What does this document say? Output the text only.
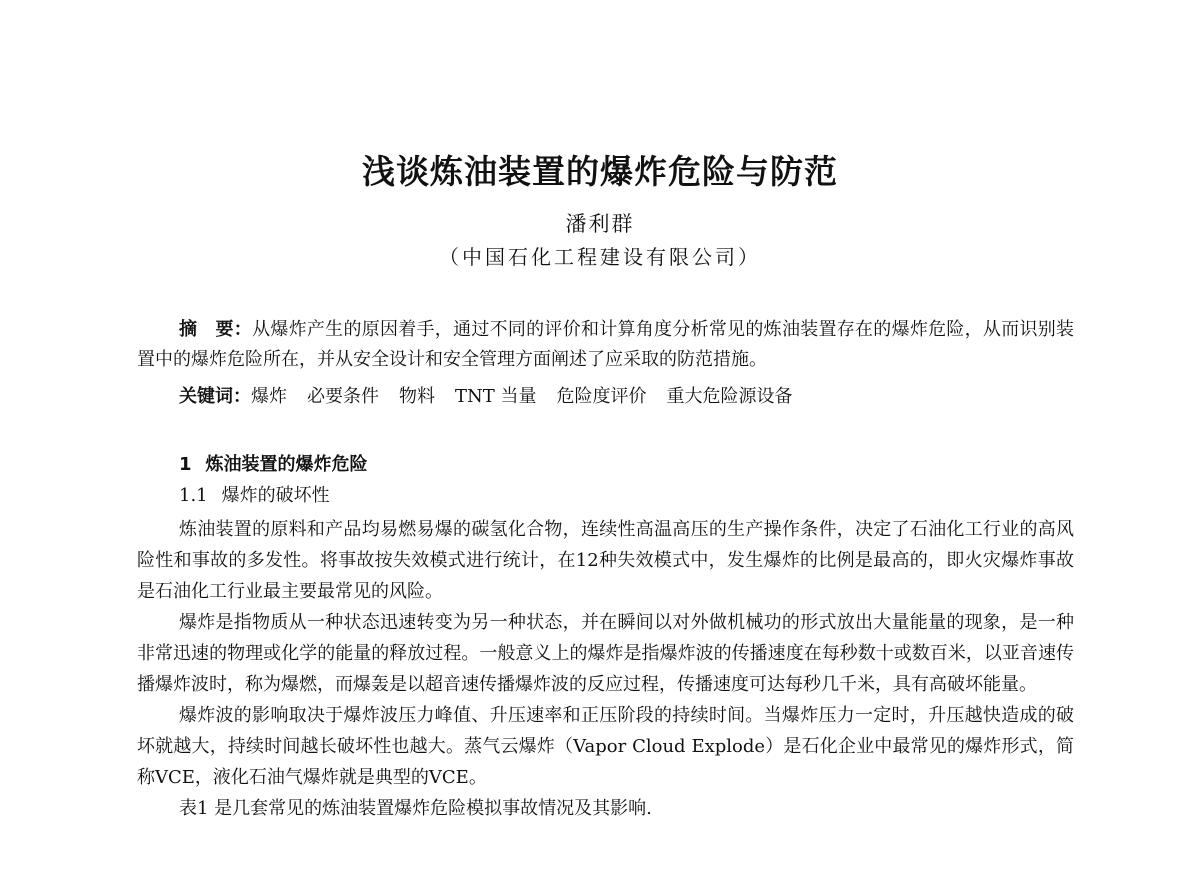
浅谈炼油装置的爆炸危险与防范
潘利群
（中国石化工程建设有限公司）
摘　要：从爆炸产生的原因着手，通过不同的评价和计算角度分析常见的炼油装置存在的爆炸危险，从而识别装置中的爆炸危险所在，并从安全设计和安全管理方面阐述了应采取的防范措施。
关键词：爆炸 必要条件 物料 TNT 当量 危险度评价 重大危险源设备
1 炼油装置的爆炸危险
1.1 爆炸的破坏性

炼油装置的原料和产品均易燃易爆的碳氢化合物，连续性高温高压的生产操作条件，决定了石油化工行业的高风险性和事故的多发性。将事故按失效模式进行统计，在12种失效模式中，发生爆炸的比例是最高的，即火灾爆炸事故是石油化工行业最主要最常见的风险。

爆炸是指物质从一种状态迅速转变为另一种状态，并在瞬间以对外做机械功的形式放出大量能量的现象，是一种非常迅速的物理或化学的能量的释放过程。一般意义上的爆炸是指爆炸波的传播速度在每秒数十或数百米，以亚音速传播爆炸波时，称为爆燃，而爆轰是以超音速传播爆炸波的反应过程，传播速度可达每秒几千米，具有高破坏能量。

爆炸波的影响取决于爆炸波压力峰值、升压速率和正压阶段的持续时间。当爆炸压力一定时，升压越快造成的破坏就越大，持续时间越长破坏性也越大。蒸气云爆炸（Vapor Cloud Explode）是石化企业中最常见的爆炸形式，简称VCE，液化石油气爆炸就是典型的VCE。

表1 是几套常见的炼油装置爆炸危险模拟事故情况及其影响.
